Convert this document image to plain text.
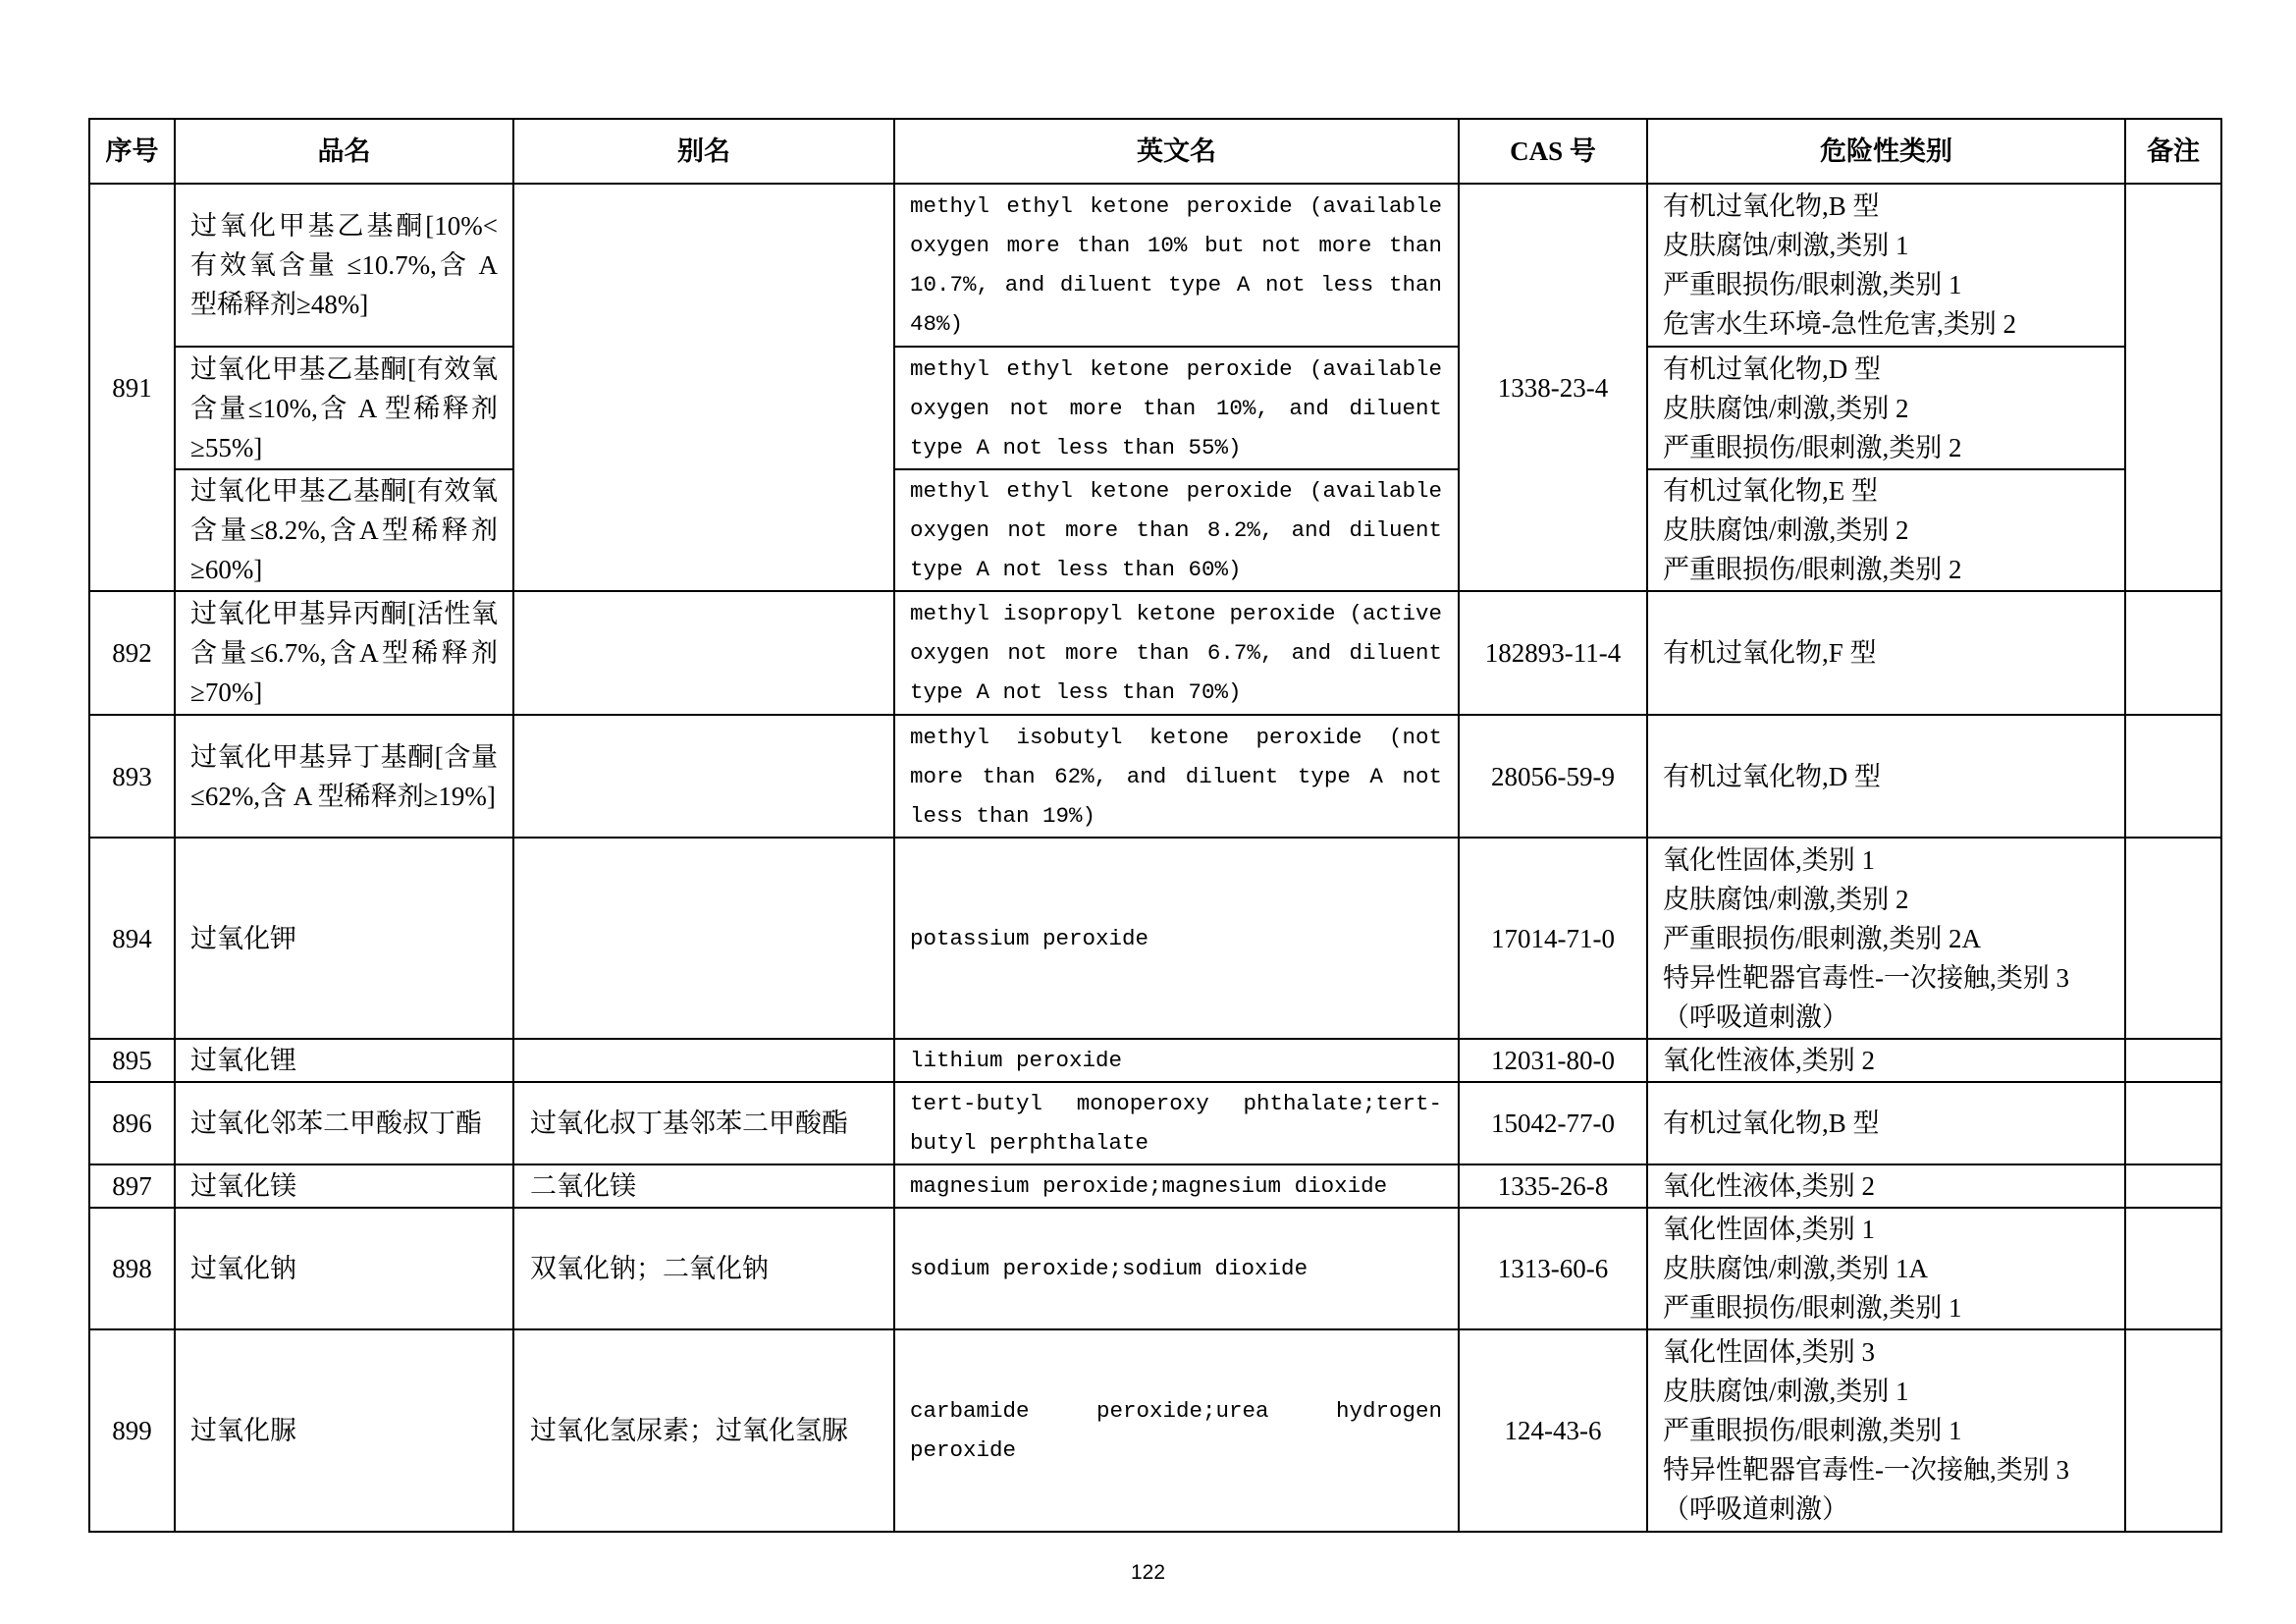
序号	品名	别名	英文名	CAS 号	危险性类别	备注
891	过氧化甲基乙基酮[10%<有效氧含量 ≤10.7%,含 A 型稀释剂≥48%]		methyl ethyl ketone peroxide (available oxygen more than 10% but not more than 10.7%, and diluent type A not less than 48%)	1338-23-4	有机过氧化物,B 型
皮肤腐蚀/刺激,类别 1
严重眼损伤/眼刺激,类别 1
危害水生环境-急性危害,类别 2	

	过氧化甲基乙基酮[有效氧含量≤10%,含 A 型稀释剂≥55%]		methyl ethyl ketone peroxide (available oxygen not more than 10%, and diluent type A not less than 55%)		有机过氧化物,D 型
皮肤腐蚀/刺激,类别 2
严重眼损伤/眼刺激,类别 2	

	过氧化甲基乙基酮[有效氧含量≤8.2%,含A型稀释剂≥60%]		methyl ethyl ketone peroxide (available oxygen not more than 8.2%, and diluent type A not less than 60%)		有机过氧化物,E 型
皮肤腐蚀/刺激,类别 2
严重眼损伤/眼刺激,类别 2	

892	过氧化甲基异丙酮[活性氧含量≤6.7%,含A型稀释剂≥70%]		methyl isopropyl ketone peroxide (active oxygen not more than 6.7%, and diluent type A not less than 70%)	182893-11-4	有机过氧化物,F 型	

893	过氧化甲基异丁基酮[含量≤62%,含 A 型稀释剂≥19%]		methyl isobutyl ketone peroxide (not more than 62%, and diluent type A not less than 19%)	28056-59-9	有机过氧化物,D 型	

894	过氧化钾		potassium peroxide	17014-71-0	氧化性固体,类别 1
皮肤腐蚀/刺激,类别 2
严重眼损伤/眼刺激,类别 2A
特异性靶器官毒性-一次接触,类别 3（呼吸道刺激）	

895	过氧化锂		lithium peroxide	12031-80-0	氧化性液体,类别 2	

896	过氧化邻苯二甲酸叔丁酯	过氧化叔丁基邻苯二甲酸酯	tert-butyl monoperoxy phthalate;tert-butyl perphthalate	15042-77-0	有机过氧化物,B 型	

897	过氧化镁	二氧化镁	magnesium peroxide;magnesium dioxide	1335-26-8	氧化性液体,类别 2	

898	过氧化钠	双氧化钠；二氧化钠	sodium peroxide;sodium dioxide	1313-60-6	氧化性固体,类别 1
皮肤腐蚀/刺激,类别 1A
严重眼损伤/眼刺激,类别 1	

899	过氧化脲	过氧化氢尿素；过氧化氢脲	carbamide peroxide;urea hydrogen peroxide	124-43-6	氧化性固体,类别 3
皮肤腐蚀/刺激,类别 1
严重眼损伤/眼刺激,类别 1
特异性靶器官毒性-一次接触,类别 3（呼吸道刺激）	

122
